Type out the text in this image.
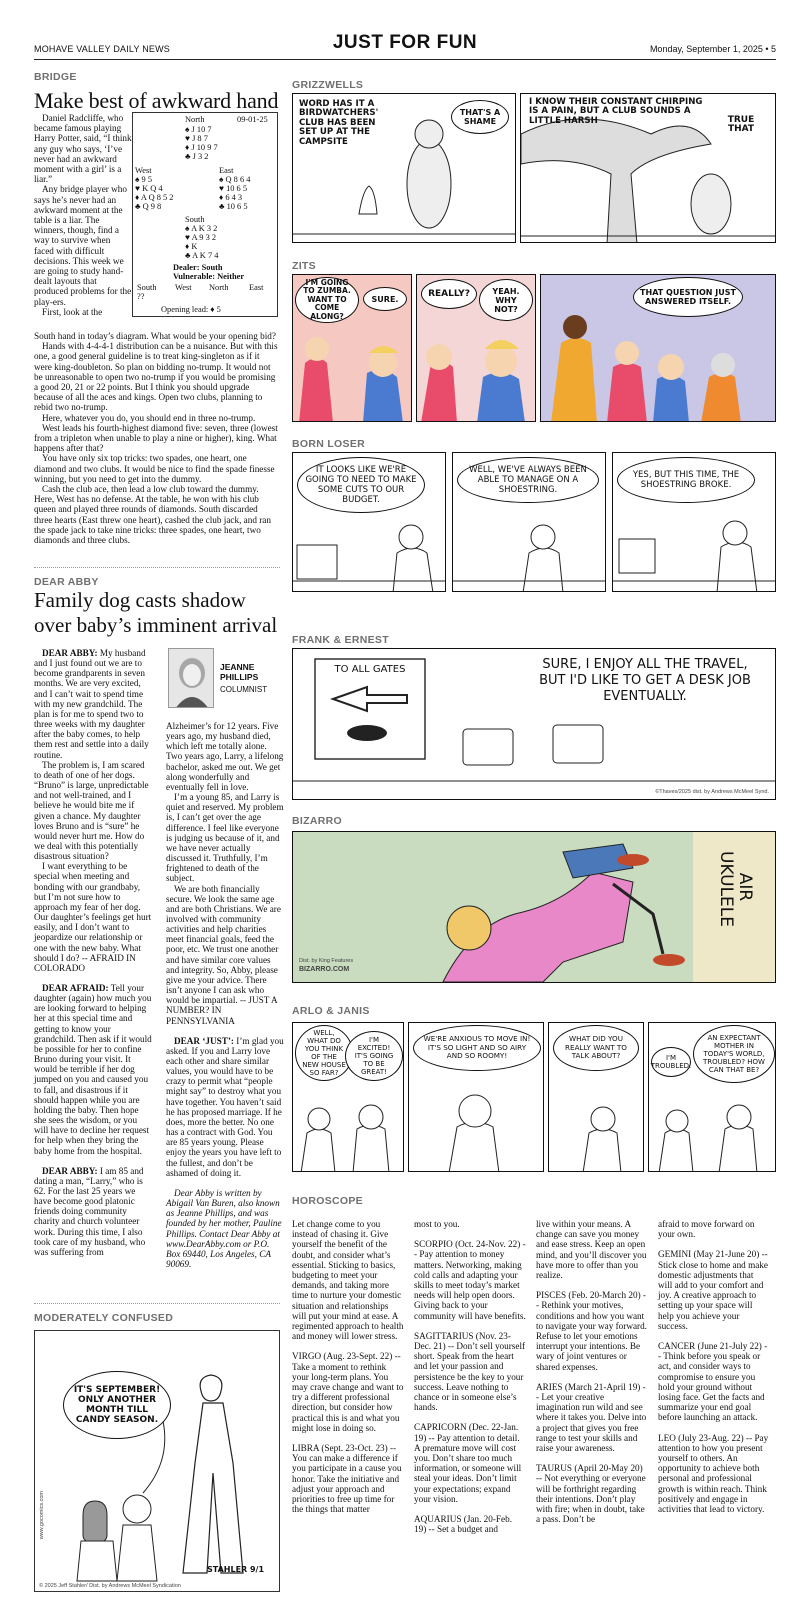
MOHAVE VALLEY DAILY NEWS	JUST FOR FUN	Monday, September 1, 2025 • 5
BRIDGE
Make best of awkward hand

Daniel Radcliffe, who became famous playing Harry Potter, said, “I think any guy who says, ‘I’ve never had an awkward moment with a girl’ is a liar.”

Any bridge player who says he’s never had an awkward moment at the table is a liar. The winners, though, find a way to survive when faced with difficult decisions. This week we are going to study hand-dealt layouts that produced problems for the play-ers.

First, look at the

North	09-01-25
♠ J 10 7
♥ J 8 7
♦ J 10 9 7
♣ J 3 2
West
♠ 9 5
♥ K Q 4
♦ A Q 8 5 2
♣ Q 9 8
East
♠ Q 8 6 4
♥ 10 6 5
♦ 6 4 3
♣ 10 6 5
South
♠ A K 3 2
♥ A 9 3 2
♦ K
♣ A K 7 4
Dealer: South
Vulnerable: Neither
South West North East
??
Opening lead: ♦ 5

South hand in today’s diagram. What would be your opening bid?

Hands with 4-4-4-1 distribution can be a nuisance. But with this one, a good general guideline is to treat king-singleton as if it were king-doubleton. So plan on bidding no-trump. It would not be unreasonable to open two no-trump if you would be promising a good 20, 21 or 22 points. But I think you should upgrade because of all the aces and kings. Open two clubs, planning to rebid two no-trump.

Here, whatever you do, you should end in three no-trump.

West leads his fourth-highest diamond five: seven, three (lowest from a tripleton when unable to play a nine or higher), king. What happens after that?

You have only six top tricks: two spades, one heart, one diamond and two clubs. It would be nice to find the spade finesse winning, but you need to get into the dummy.

Cash the club ace, then lead a low club toward the dummy. Here, West has no defense. At the table, he won with his club queen and played three rounds of diamonds. South discarded three hearts (East threw one heart), cashed the club jack, and ran the spade jack to take nine tricks: three spades, one heart, two diamonds and three clubs.

DEAR ABBY
Family dog casts shadow over baby’s imminent arrival
JEANNE
PHILLIPS
COLUMNIST

DEAR ABBY: My husband and I just found out we are to become grandparents in seven months. We are very excited, and I can’t wait to spend time with my new grandchild. The plan is for me to spend two to three weeks with my daughter after the baby comes, to help them rest and settle into a daily routine.

The problem is, I am scared to death of one of her dogs. “Bruno” is large, unpredictable and not well-trained, and I believe he would bite me if given a chance. My daughter loves Bruno and is “sure” he would never hurt me. How do we deal with this potentially disastrous situation?

I want everything to be special when meeting and bonding with our grandbaby, but I’m not sure how to approach my fear of her dog. Our daughter’s feelings get hurt easily, and I don’t want to jeopardize our relationship or one with the new baby. What should I do? -- AFRAID IN COLORADO

DEAR AFRAID: Tell your daughter (again) how much you are looking forward to helping her at this special time and getting to know your grandchild. Then ask if it would be possible for her to confine Bruno during your visit. It would be terrible if her dog jumped on you and caused you to fall, and disastrous if it should happen while you are holding the baby. Then hope she sees the wisdom, or you will have to decline her request for help when they bring the baby home from the hospital.

DEAR ABBY: I am 85 and dating a man, “Larry,” who is 62. For the last 25 years we have become good platonic friends doing community charity and church volunteer work. During this time, I also took care of my husband, who was suffering from

Alzheimer’s for 12 years. Five years ago, my husband died, which left me totally alone. Two years ago, Larry, a lifelong bachelor, asked me out. We get along wonderfully and eventually fell in love.

I’m a young 85, and Larry is quiet and reserved. My problem is, I can’t get over the age difference. I feel like everyone is judging us because of it, and we have never actually discussed it. Truthfully, I’m frightened to death of the subject.

We are both financially secure. We look the same age and are both Christians. We are involved with community activities and help charities meet financial goals, feed the poor, etc. We trust one another and have similar core values and integrity. So, Abby, please give me your advice. There isn’t anyone I can ask who would be impartial. -- JUST A NUMBER? IN PENNSYLVANIA

DEAR ‘JUST’: I’m glad you asked. If you and Larry love each other and share similar values, you would have to be crazy to permit what “people might say” to destroy what you have together. You haven’t said he has proposed marriage. If he does, more the better. No one has a contract with God. You are 85 years young. Please enjoy the years you have left to the fullest, and don’t be ashamed of doing it.

Dear Abby is written by Abigail Van Buren, also known as Jeanne Phillips, and was founded by her mother, Pauline Phillips. Contact Dear Abby at www.DearAbby.com or P.O. Box 69440, Los Angeles, CA 90069.

MODERATELY CONFUSED
IT'S SEPTEMBER! ONLY ANOTHER MONTH TILL CANDY SEASON.
STAHLER 9/1
© 2025 Jeff Stahler/ Dist. by Andrews McMeel Syndication
www.gocomics.com
GRIZZWELLS
WORD HAS IT A BIRDWATCHERS' CLUB HAS BEEN SET UP AT THE CAMPSITE
THAT'S A SHAME
I KNOW THEIR CONSTANT CHIRPING IS A PAIN, BUT A CLUB SOUNDS A LITTLE HARSH	TRUE THAT
ZITS
I'M GOING TO ZUMBA. WANT TO COME ALONG?
SURE.
REALLY?	YEAH. WHY NOT?
THAT QUESTION JUST ANSWERED ITSELF.
BORN LOSER
IT LOOKS LIKE WE'RE GOING TO NEED TO MAKE SOME CUTS TO OUR BUDGET.
WELL, WE'VE ALWAYS BEEN ABLE TO MANAGE ON A SHOESTRING.
YES, BUT THIS TIME, THE SHOESTRING BROKE.
FRANK & ERNEST
TO ALL GATES	SURE, I ENJOY ALL THE TRAVEL, BUT I'D LIKE TO GET A DESK JOB EVENTUALLY.
©Thaves/2025 dist. by Andrews McMeel Synd.
BIZARRO
AIR
UKULELE
Dist. by King Features
BIZARRO.COM
ARLO & JANIS
WELL, WHAT DO YOU THINK OF THE NEW HOUSE SO FAR?
I'M EXCITED! IT'S GOING TO BE GREAT!
WE'RE ANXIOUS TO MOVE IN! IT'S SO LIGHT AND SO AIRY AND SO ROOMY!
WHAT DID YOU REALLY WANT TO TALK ABOUT?	I'M TROUBLED.
AN EXPECTANT MOTHER IN TODAY'S WORLD, TROUBLED? HOW CAN THAT BE?
HOROSCOPE

Let change come to you instead of chasing it. Give yourself the benefit of the doubt, and consider what’s essential. Sticking to basics, budgeting to meet your demands, and taking more time to nurture your domestic situation and relationships will put your mind at ease. A regimented approach to health and money will lower stress.

VIRGO (Aug. 23-Sept. 22) -- Take a moment to rethink your long-term plans. You may crave change and want to try a different professional direction, but consider how practical this is and what you might lose in doing so.

LIBRA (Sept. 23-Oct. 23) -- You can make a difference if you participate in a cause you honor. Take the initiative and adjust your approach and priorities to free up time for the things that matter

most to you.

SCORPIO (Oct. 24-Nov. 22) -- Pay attention to money matters. Networking, making cold calls and adapting your skills to meet today’s market needs will help open doors. Giving back to your community will have benefits.

SAGITTARIUS (Nov. 23-Dec. 21) -- Don’t sell yourself short. Speak from the heart and let your passion and persistence be the key to your success. Leave nothing to chance or in someone else’s hands.

CAPRICORN (Dec. 22-Jan. 19) -- Pay attention to detail. A premature move will cost you. Don’t share too much information, or someone will steal your ideas. Don’t limit your expectations; expand your vision.

AQUARIUS (Jan. 20-Feb. 19) -- Set a budget and

live within your means. A change can save you money and ease stress. Keep an open mind, and you’ll discover you have more to offer than you realize.

PISCES (Feb. 20-March 20) -- Rethink your motives, conditions and how you want to navigate your way forward. Refuse to let your emotions interrupt your intentions. Be wary of joint ventures or shared expenses.

ARIES (March 21-April 19) -- Let your creative imagination run wild and see where it takes you. Delve into a project that gives you free range to test your skills and raise your awareness.

TAURUS (April 20-May 20) -- Not everything or everyone will be forthright regarding their intentions. Don’t play with fire; when in doubt, take a pass. Don’t be

afraid to move forward on your own.

GEMINI (May 21-June 20) -- Stick close to home and make domestic adjustments that will add to your comfort and joy. A creative approach to setting up your space will help you achieve your success.

CANCER (June 21-July 22) -- Think before you speak or act, and consider ways to compromise to ensure you hold your ground without losing face. Get the facts and summarize your end goal before launching an attack.

LEO (July 23-Aug. 22) -- Pay attention to how you present yourself to others. An opportunity to achieve both personal and professional growth is within reach. Think positively and engage in activities that lead to victory.
